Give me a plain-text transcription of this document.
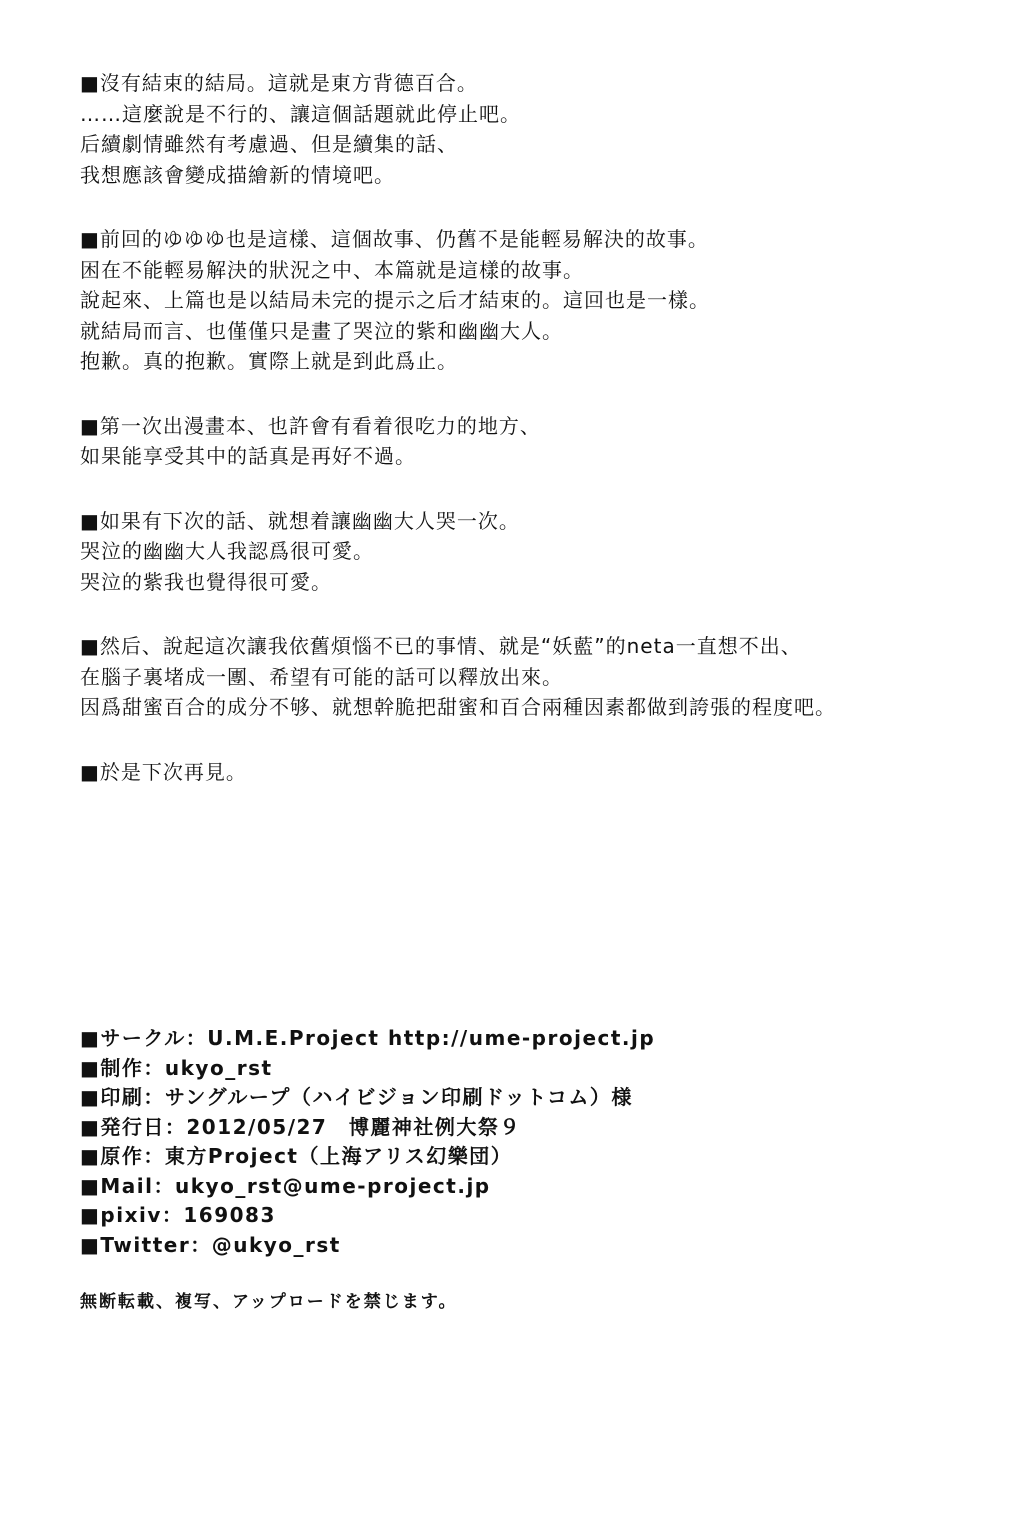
■沒有結束的結局。這就是東方背德百合。
……這麼說是不行的、讓這個話題就此停止吧。
后續劇情雖然有考慮過、但是續集的話、
我想應該會變成描繪新的情境吧。
■前回的ゆゆゆ也是這樣、這個故事、仍舊不是能輕易解決的故事。
困在不能輕易解決的狀況之中、本篇就是這樣的故事。
說起來、上篇也是以結局未完的提示之后才結束的。這回也是一樣。
就結局而言、也僅僅只是畫了哭泣的紫和幽幽大人。
抱歉。真的抱歉。實際上就是到此爲止。
■第一次出漫畫本、也許會有看着很吃力的地方、
如果能享受其中的話真是再好不過。
■如果有下次的話、就想着讓幽幽大人哭一次。
哭泣的幽幽大人我認爲很可愛。
哭泣的紫我也覺得很可愛。
■然后、說起這次讓我依舊煩惱不已的事情、就是“妖藍”的neta一直想不出、
在腦子裏堵成一團、希望有可能的話可以釋放出來。
因爲甜蜜百合的成分不够、就想幹脆把甜蜜和百合兩種因素都做到誇張的程度吧。
■於是下次再見。
■サークル：U.M.E.Project http://ume-project.jp
■制作：ukyo_rst
■印刷：サングループ（ハイビジョン印刷ドットコム）様
■発行日：2012/05/27　博麗神社例大祭９
■原作：東方Project（上海アリス幻樂団）
■Mail：ukyo_rst@ume-project.jp
■pixiv：169083
■Twitter：@ukyo_rst
無断転載、複写、アップロードを禁じます。
